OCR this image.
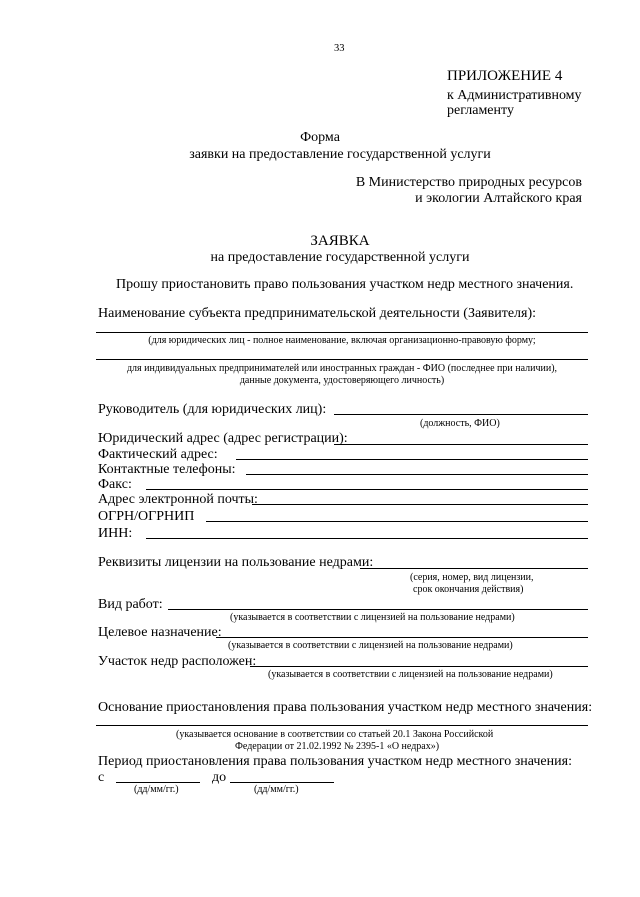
33
ПРИЛОЖЕНИЕ 4
к Административному
регламенту
Форма
заявки на предоставление государственной услуги
В Министерство природных ресурсов
и экологии Алтайского края
ЗАЯВКА
на предоставление государственной услуги
Прошу приостановить право пользования участком недр местного значения.
Наименование субъекта предпринимательской деятельности (Заявителя):
(для юридических лиц - полное наименование, включая организационно-правовую форму;
для индивидуальных предпринимателей или иностранных граждан - ФИО (последнее при наличии),
данные документа, удостоверяющего личность)
Руководитель (для юридических лиц):
(должность, ФИО)
Юридический адрес (адрес регистрации):
Фактический адрес:
Контактные телефоны:
Факс:
Адрес электронной почты:
ОГРН/ОГРНИП
ИНН:
Реквизиты лицензии на пользование недрами:
(серия, номер, вид лицензии,
срок окончания действия)
Вид работ:
(указывается в соответствии с лицензией на пользование недрами)
Целевое назначение:
(указывается в соответствии с лицензией на пользование недрами)
Участок недр расположен:
(указывается в соответствии с лицензией на пользование недрами)
Основание приостановления права пользования участком недр местного значения:
(указывается основание в соответствии со статьей 20.1 Закона Российской
Федерации от 21.02.1992 № 2395-1 «О недрах»)
Период приостановления права пользования участком недр местного значения:
с	до
(дд/мм/гг.)	(дд/мм/гг.)
